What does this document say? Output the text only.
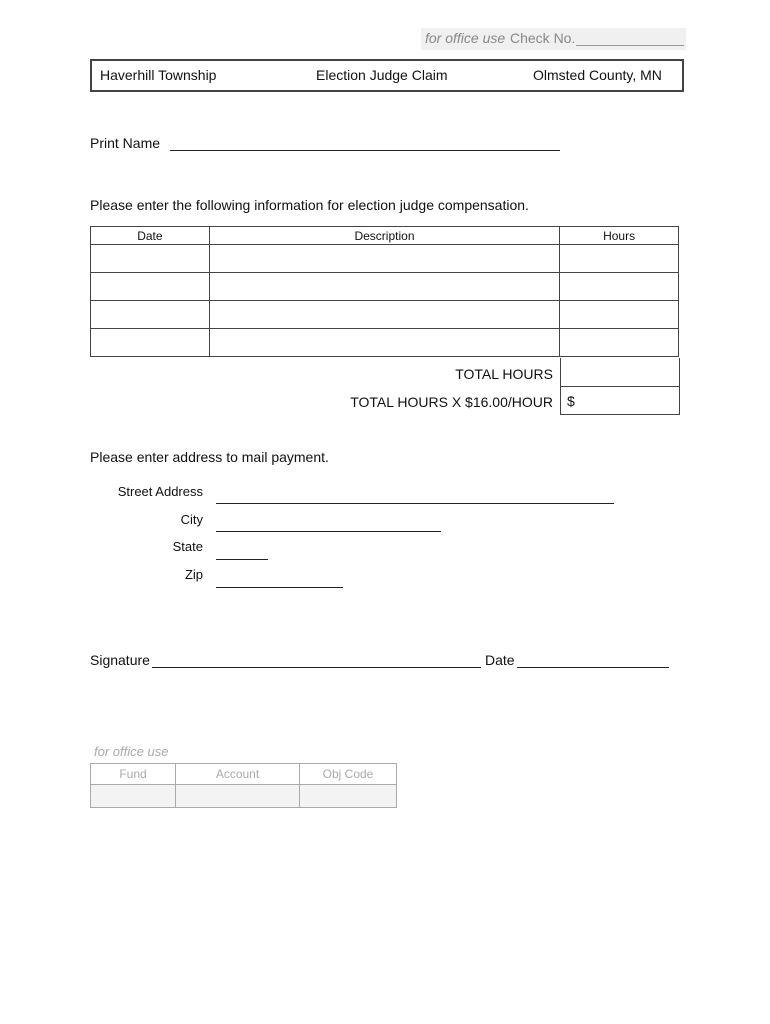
for office use Check No.
Haverhill Township	Election Judge Claim	Olmsted County, MN
Print Name
Please enter the following information for election judge compensation.
Date	Description	Hours

TOTAL HOURS
TOTAL HOURS X $16.00/HOUR $
Please enter address to mail payment.
Street Address
City
State
Zip
Signature	Date
for office use
Fund	Account	Obj Code
